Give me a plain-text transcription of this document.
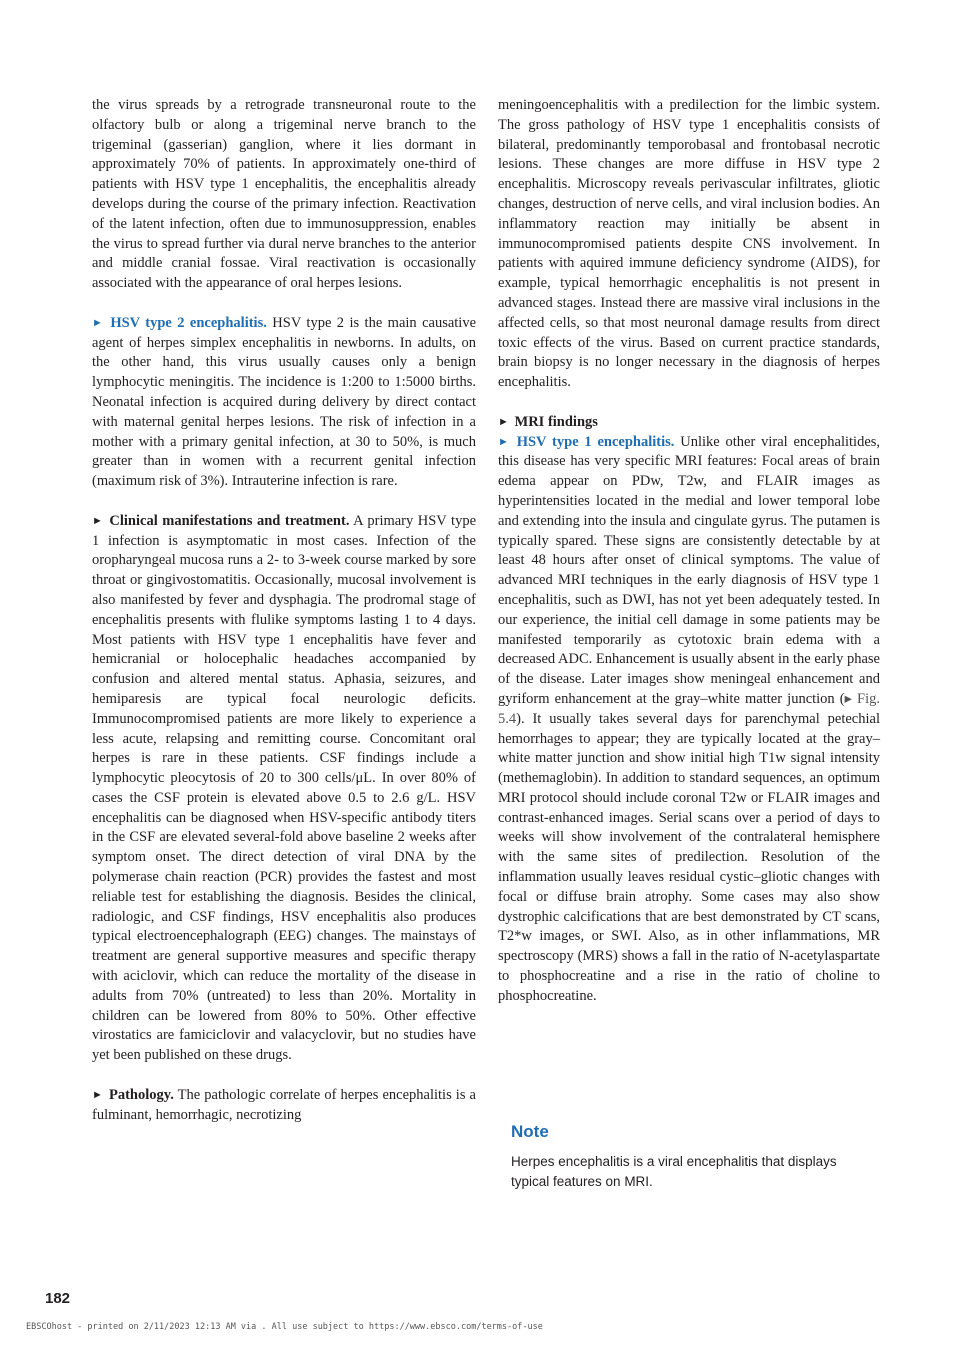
the virus spreads by a retrograde transneuronal route to the olfactory bulb or along a trigeminal nerve branch to the trigeminal (gasserian) ganglion, where it lies dormant in approximately 70% of patients. In approximately one-third of patients with HSV type 1 encephalitis, the encephalitis already develops during the course of the primary infection. Reactivation of the latent infection, often due to immunosuppression, enables the virus to spread further via dural nerve branches to the anterior and middle cranial fossae. Viral reactivation is occasionally associated with the appearance of oral herpes lesions.

► HSV type 2 encephalitis. HSV type 2 is the main causative agent of herpes simplex encephalitis in newborns. In adults, on the other hand, this virus usually causes only a benign lymphocytic meningitis. The incidence is 1:200 to 1:5000 births. Neonatal infection is acquired during delivery by direct contact with maternal genital herpes lesions. The risk of infection in a mother with a primary genital infection, at 30 to 50%, is much greater than in women with a recurrent genital infection (maximum risk of 3%). Intrauterine infection is rare.

► Clinical manifestations and treatment. A primary HSV type 1 infection is asymptomatic in most cases. Infection of the oropharyngeal mucosa runs a 2- to 3-week course marked by sore throat or gingivostomatitis. Occasionally, mucosal involvement is also manifested by fever and dysphagia. The prodromal stage of encephalitis presents with flulike symptoms lasting 1 to 4 days. Most patients with HSV type 1 encephalitis have fever and hemicranial or holocephalic headaches accompanied by confusion and altered mental status. Aphasia, seizures, and hemiparesis are typical focal neurologic deficits. Immunocompromised patients are more likely to experience a less acute, relapsing and remitting course. Concomitant oral herpes is rare in these patients. CSF findings include a lymphocytic pleocytosis of 20 to 300 cells/μL. In over 80% of cases the CSF protein is elevated above 0.5 to 2.6 g/L. HSV encephalitis can be diagnosed when HSV-specific antibody titers in the CSF are elevated several-fold above baseline 2 weeks after symptom onset. The direct detection of viral DNA by the polymerase chain reaction (PCR) provides the fastest and most reliable test for establishing the diagnosis. Besides the clinical, radiologic, and CSF findings, HSV encephalitis also produces typical electroencephalograph (EEG) changes. The mainstays of treatment are general supportive measures and specific therapy with aciclovir, which can reduce the mortality of the disease in adults from 70% (untreated) to less than 20%. Mortality in children can be lowered from 80% to 50%. Other effective virostatics are famiciclovir and valacyclovir, but no studies have yet been published on these drugs.

► Pathology. The pathologic correlate of herpes encephalitis is a fulminant, hemorrhagic, necrotizing

meningoencephalitis with a predilection for the limbic system. The gross pathology of HSV type 1 encephalitis consists of bilateral, predominantly temporobasal and frontobasal necrotic lesions. These changes are more diffuse in HSV type 2 encephalitis. Microscopy reveals perivascular infiltrates, gliotic changes, destruction of nerve cells, and viral inclusion bodies. An inflammatory reaction may initially be absent in immunocompromised patients despite CNS involvement. In patients with aquired immune deficiency syndrome (AIDS), for example, typical hemorrhagic encephalitis is not present in advanced stages. Instead there are massive viral inclusions in the affected cells, so that most neuronal damage results from direct toxic effects of the virus. Based on current practice standards, brain biopsy is no longer necessary in the diagnosis of herpes encephalitis.

► MRI findings

► HSV type 1 encephalitis. Unlike other viral encephalitides, this disease has very specific MRI features: Focal areas of brain edema appear on PDw, T2w, and FLAIR images as hyperintensities located in the medial and lower temporal lobe and extending into the insula and cingulate gyrus. The putamen is typically spared. These signs are consistently detectable by at least 48 hours after onset of clinical symptoms. The value of advanced MRI techniques in the early diagnosis of HSV type 1 encephalitis, such as DWI, has not yet been adequately tested. In our experience, the initial cell damage in some patients may be manifested temporarily as cytotoxic brain edema with a decreased ADC. Enhancement is usually absent in the early phase of the disease. Later images show meningeal enhancement and gyriform enhancement at the gray–white matter junction (▸ Fig. 5.4). It usually takes several days for parenchymal petechial hemorrhages to appear; they are typically located at the gray–white matter junction and show initial high T1w signal intensity (methemaglobin). In addition to standard sequences, an optimum MRI protocol should include coronal T2w or FLAIR images and contrast-enhanced images. Serial scans over a period of days to weeks will show involvement of the contralateral hemisphere with the same sites of predilection. Resolution of the inflammation usually leaves residual cystic–gliotic changes with focal or diffuse brain atrophy. Some cases may also show dystrophic calcifications that are best demonstrated by CT scans, T2*w images, or SWI. Also, as in other inflammations, MR spectroscopy (MRS) shows a fall in the ratio of N-acetylaspartate to phosphocreatine and a rise in the ratio of choline to phosphocreatine.

Note

Herpes encephalitis is a viral encephalitis that displays typical features on MRI.

182
EBSCOhost - printed on 2/11/2023 12:13 AM via . All use subject to https://www.ebsco.com/terms-of-use
